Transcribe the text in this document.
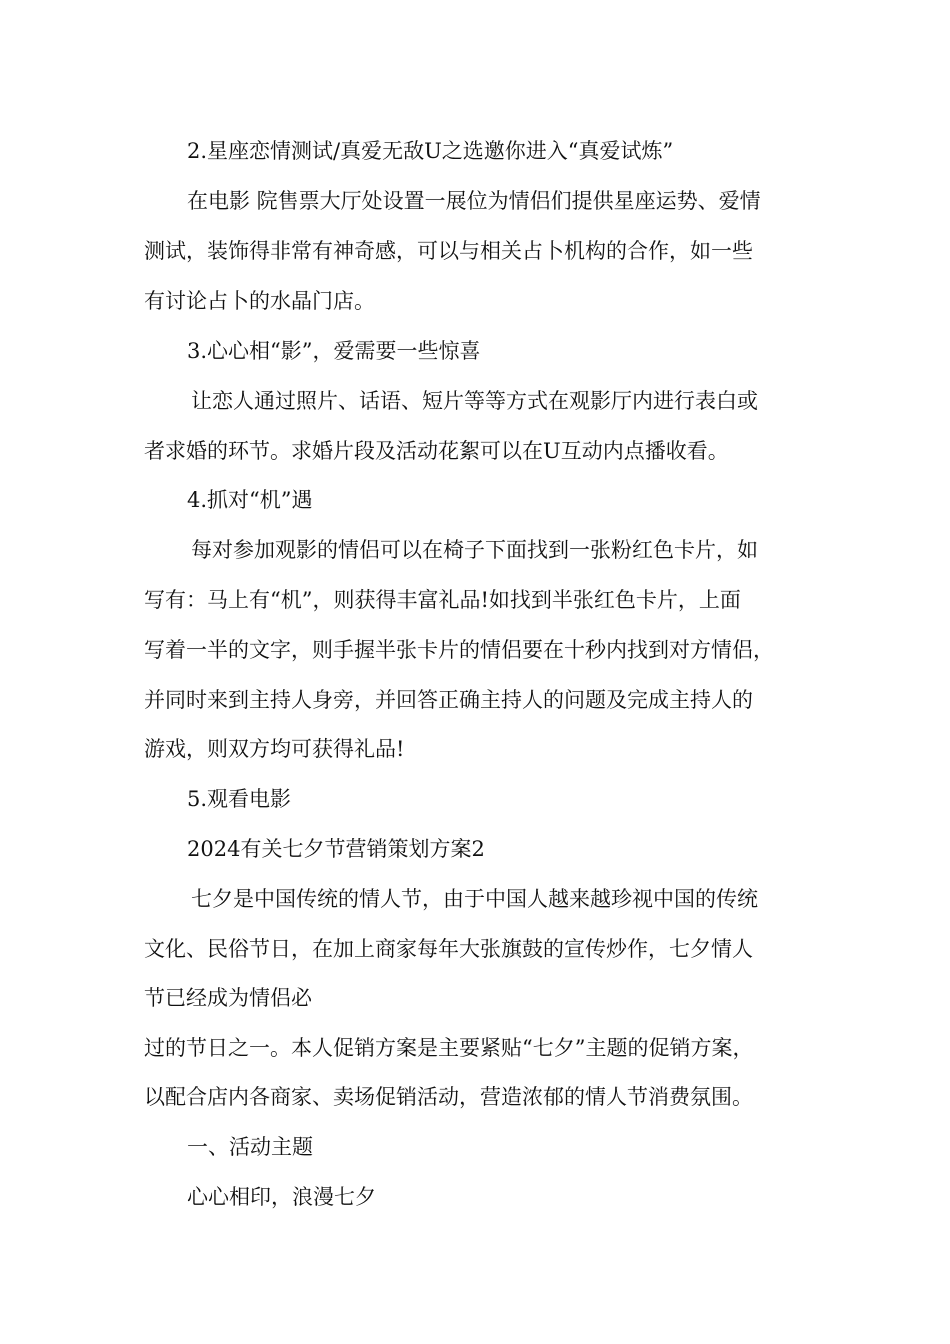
2.星座恋情测试/真爱无敌U之选邀你进入“真爱试炼”
在电影 院售票大厅处设置一展位为情侣们提供星座运势、爱情
测试，装饰得非常有神奇感，可以与相关占卜机构的合作，如一些
有讨论占卜的水晶门店。
3.心心相“影”，爱需要一些惊喜
让恋人通过照片、话语、短片等等方式在观影厅内进行表白或
者求婚的环节。求婚片段及活动花絮可以在U互动内点播收看。
4.抓对“机”遇
每对参加观影的情侣可以在椅子下面找到一张粉红色卡片，如
写有：马上有“机”，则获得丰富礼品!如找到半张红色卡片，上面
写着一半的文字，则手握半张卡片的情侣要在十秒内找到对方情侣，
并同时来到主持人身旁，并回答正确主持人的问题及完成主持人的
游戏，则双方均可获得礼品!
5.观看电影
2024有关七夕节营销策划方案2
七夕是中国传统的情人节，由于中国人越来越珍视中国的传统
文化、民俗节日，在加上商家每年大张旗鼓的宣传炒作，七夕情人
节已经成为情侣必
过的节日之一。本人促销方案是主要紧贴“七夕”主题的促销方案，
以配合店内各商家、卖场促销活动，营造浓郁的情人节消费氛围。
一、活动主题
心心相印，浪漫七夕
